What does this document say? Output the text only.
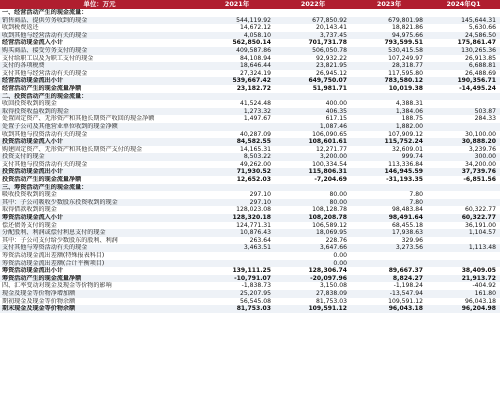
单位：万元	2021年	2022年	2023年	2024年Q1
一、经营活动产生的现金流量：				
销售商品、提供劳务收到的现金	544,119.92	677,850.92	679,801.98	145,644.31
收到税费返还	14,672.12	20,143.41	18,821.86	5,630.66
收到其他与经营活动有关的现金	4,058.10	3,737.45	94,975.66	24,586.50
经营活动现金流入小计	562,850.14	701,731.78	793,599.51	175,861.47
购买商品、接受劳务支付的现金	409,587.86	506,050.78	530,415.58	130,265.36
支付给职工以及为职工支付的现金	84,108.94	92,932.22	107,249.97	26,913.85
支付的各项税费	18,646.44	23,821.95	28,318.77	6,688.81
支付其他与经营活动有关的现金	27,324.19	26,945.12	117,595.80	26,488.69
经营活动现金流出小计	539,667.42	649,750.07	783,580.12	190,356.71
经营活动产生的现金流量净额	23,182.72	51,981.71	10,019.38	-14,495.24
二、投资活动产生的现金流量：				
收回投资收到的现金	41,524.48	400.00	4,388.31	
取得投资收益收到的现金	1,273.32	406.35	1,384.06	503.87
处置固定资产、无形资产和其他长期资产收回的现金净额	1,497.67	617.15	188.75	284.33
处置子公司及其他营业单位收到的现金净额		1,087.46	1,882.00	
收到其他与投资活动有关的现金	40,287.09	106,090.65	107,909.12	30,100.00
投资活动现金流入小计	84,582.55	108,601.61	115,752.24	30,888.20
购建固定资产、无形资产和其他长期资产支付的现金	14,165.31	12,271.77	32,609.01	3,239.76
投资支付的现金	8,503.22	3,200.00	999.74	300.00
支付其他与投资活动有关的现金	49,262.00	100,334.54	113,336.84	34,200.00
投资活动现金流出小计	71,930.52	115,806.31	146,945.59	37,739.76
投资活动产生的现金流量净额	12,652.03	-7,204.69	-31,193.35	-6,851.56
三、筹资活动产生的现金流量：				
吸收投资收到的现金	297.10	80.00	7.80	
其中：子公司吸收少数股东投资收到的现金	297.10	80.00	7.80	
取得借款收到的现金	128,023.08	108,128.78	98,483.84	60,322.77
筹资活动现金流入小计	128,320.18	108,208.78	98,491.64	60,322.77
偿还债务支付的现金	124,771.31	106,589.12	68,455.18	36,191.00
分配股利、利润或偿付利息支付的现金	10,876.43	18,069.95	17,938.63	1,104.57
其中：子公司支付给少数股东的股利、利润	263.64	228.76	329.96	
支付其他与筹资活动有关的现金	3,463.51	3,647.66	3,273.56	1,113.48
筹资活动现金流出差额(特殊报表科目)		0.00		
筹资活动现金流出差额(合计平衡项目)		0.00		
筹资活动现金流出小计	139,111.25	128,306.74	89,667.37	38,409.05
筹资活动产生的现金流量净额	-10,791.07	-20,097.96	8,824.27	21,913.72
四、汇率变动对现金及现金等价物的影响	-1,838.73	3,150.08	-1,198.24	-404.92
现金及现金等价物净增加额	25,207.95	27,838.09	-13,547.94	161.80
期初现金及现金等价物余额	56,545.08	81,753.03	109,591.12	96,043.18
期末现金及现金等价物余额	81,753.03	109,591.12	96,043.18	96,204.98
